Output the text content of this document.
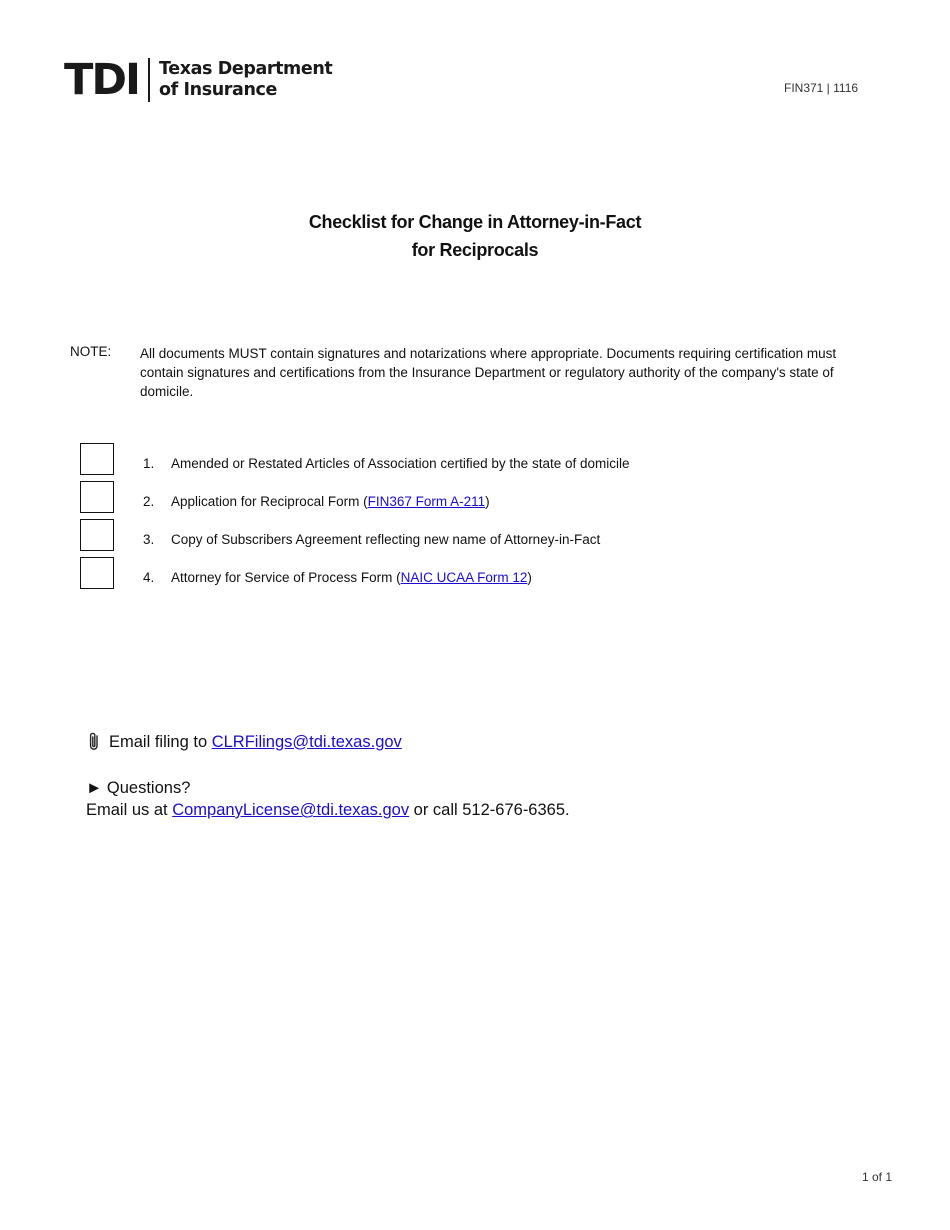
TDI Texas Department
of Insurance	FIN371 | 1116
Checklist for Change in Attorney-in-Fact
for Reciprocals
NOTE: All documents MUST contain signatures and notarizations where appropriate. Documents requiring certification must contain signatures and certifications from the Insurance Department or regulatory authority of the company's state of domicile.
1. Amended or Restated Articles of Association certified by the state of domicile
2. Application for Reciprocal Form (FIN367 Form A-211)
3. Copy of Subscribers Agreement reflecting new name of Attorney-in-Fact
4. Attorney for Service of Process Form (NAIC UCAA Form 12)
Email filing to CLRFilings@tdi.texas.gov
► Questions?
Email us at CompanyLicense@tdi.texas.gov or call 512-676-6365.
1 of 1
